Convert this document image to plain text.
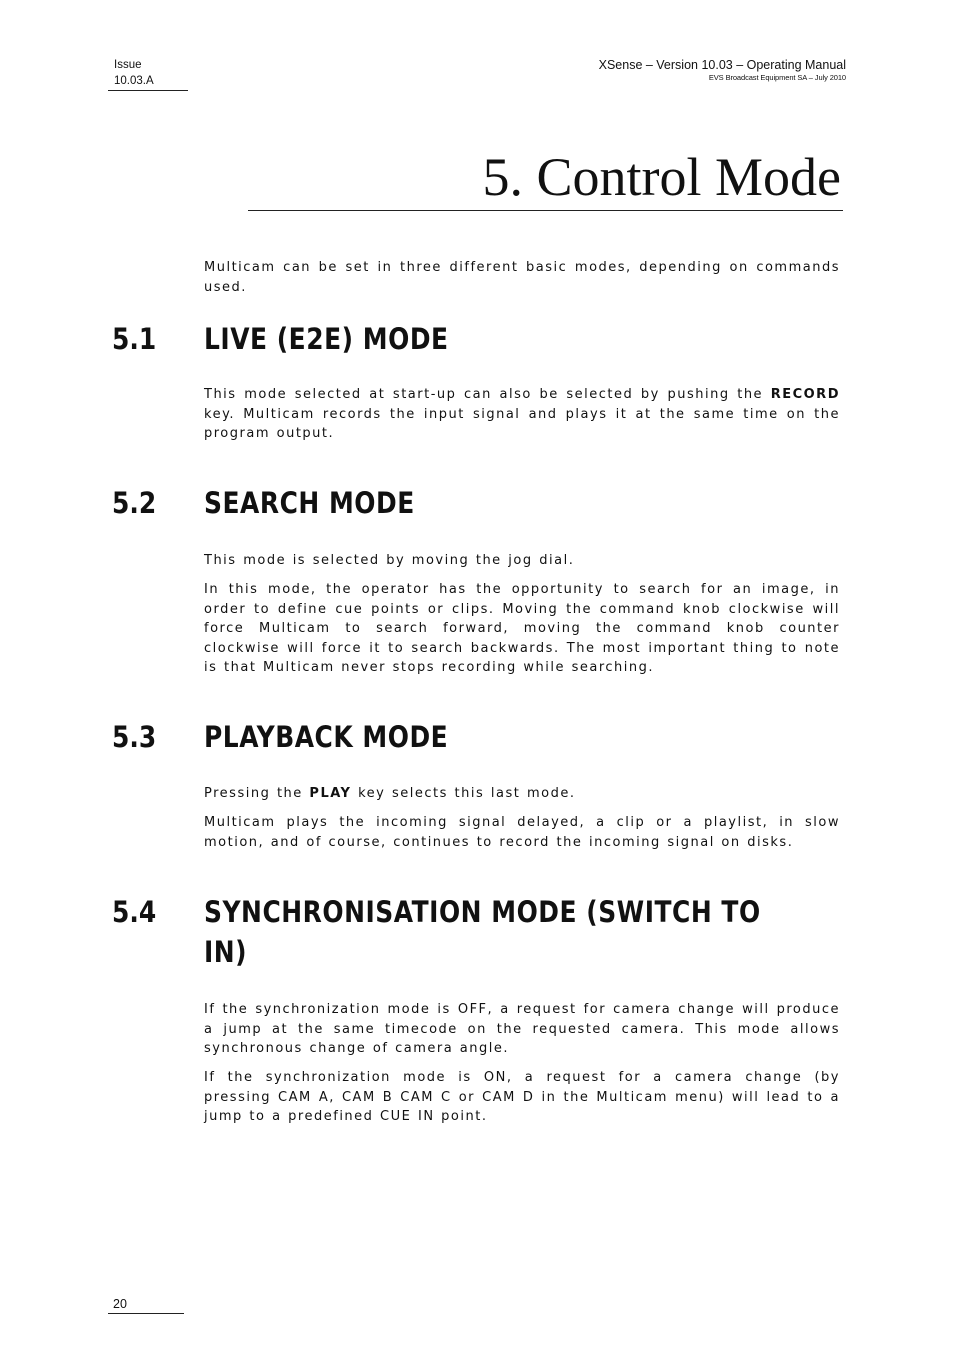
Issue
10.03.A
XSense – Version 10.03 – Operating Manual
EVS Broadcast Equipment SA – July 2010
5. Control Mode

Multicam can be set in three different basic modes, depending on commands used.

5.1 LIVE (E2E) MODE

This mode selected at start-up can also be selected by pushing the RECORD key. Multicam records the input signal and plays it at the same time on the program output.

5.2 SEARCH MODE

This mode is selected by moving the jog dial.

In this mode, the operator has the opportunity to search for an image, in order to define cue points or clips. Moving the command knob clockwise will force Multicam to search forward, moving the command knob counter clockwise will force it to search backwards. The most important thing to note is that Multicam never stops recording while searching.

5.3 PLAYBACK MODE

Pressing the PLAY key selects this last mode.

Multicam plays the incoming signal delayed, a clip or a playlist, in slow motion, and of course, continues to record the incoming signal on disks.

5.4 SYNCHRONISATION MODE (SWITCH TO
IN)

If the synchronization mode is OFF, a request for camera change will produce a jump at the same timecode on the requested camera. This mode allows synchronous change of camera angle.

If the synchronization mode is ON, a request for a camera change (by pressing CAM A, CAM B CAM C or CAM D in the Multicam menu) will lead to a jump to a predefined CUE IN point.

20
